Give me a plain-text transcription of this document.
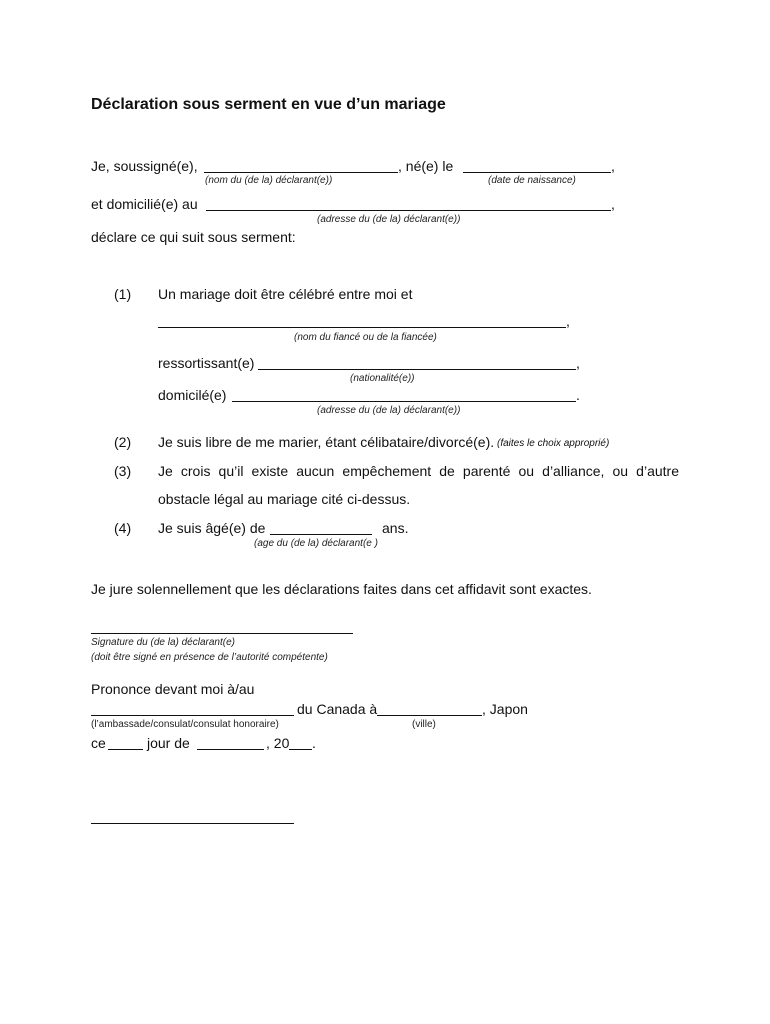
Déclaration sous serment en vue d’un mariage
Je, soussigné(e),	, né(e) le	,
(nom du (de la) déclarant(e))	(date de naissance)
et domicilié(e) au	,
(adresse du (de la) déclarant(e))
déclare ce qui suit sous serment:
(1) Un mariage doit être célébré entre moi et
,
(nom du fiancé ou de la fiancée)
ressortissant(e)	,
(nationalité(e))
domicilé(e)	.
(adresse du (de la) déclarant(e))
(2) Je suis libre de me marier, étant célibataire/divorcé(e). (faites le choix approprié)
(3) Je crois qu’il existe aucun empêchement de parenté ou d’alliance, ou d’autre
obstacle légal au mariage cité ci-dessus.
(4) Je suis âgé(e) de	ans.
(age du (de la) déclarant(e )
Je jure solennellement que les déclarations faites dans cet affidavit sont exactes.
Signature du (de la) déclarant(e)
(doit être signé en présence de l’autorité compétente)
Prononce devant moi à/au
du Canada à	, Japon
(l’ambassade/consulat/consulat honoraire)	(ville)
ce	jour de	, 20 .
